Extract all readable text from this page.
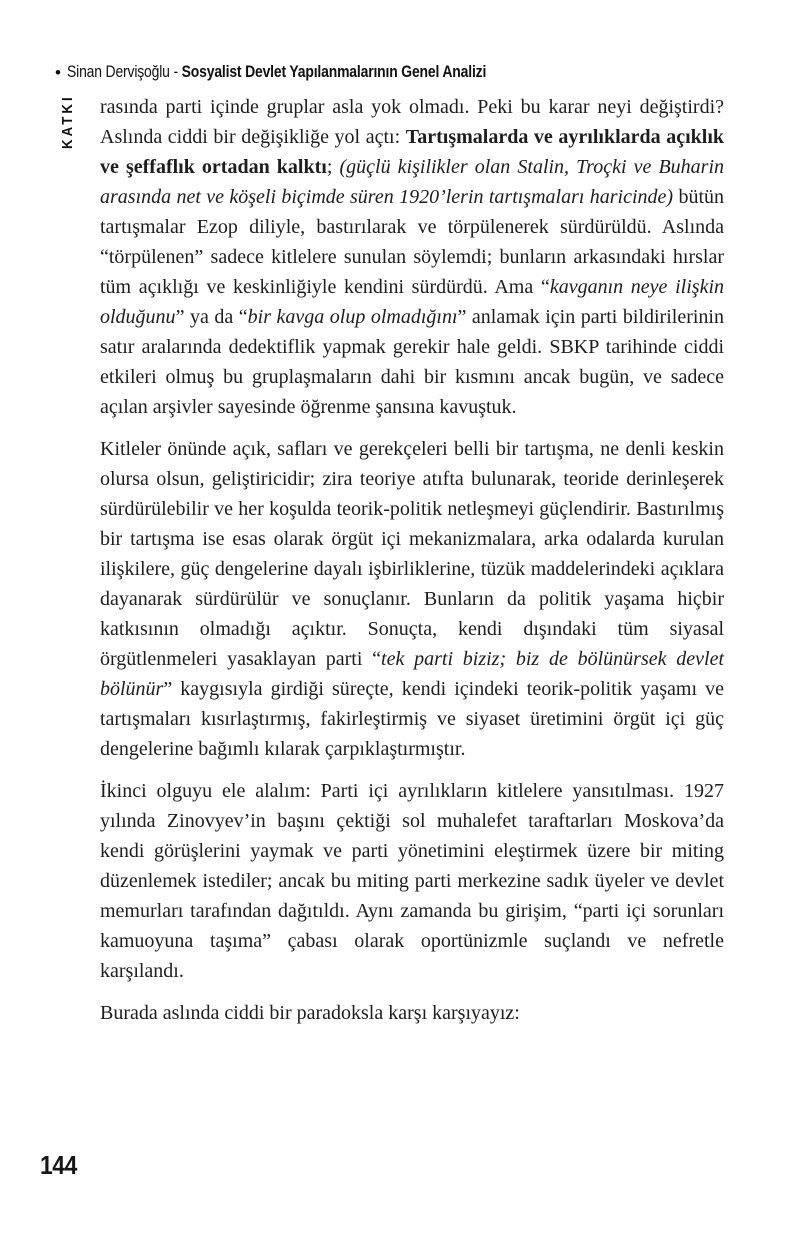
• Sinan Dervişoğlu - Sosyalist Devlet Yapılanmalarının Genel Analizi
KATKI rasında parti içinde gruplar asla yok olmadı. Peki bu karar neyi değiştirdi? Aslında ciddi bir değişikliğe yol açtı: Tartışmalarda ve ayrılıklarda açıklık ve şeffaflık ortadan kalktı; (güçlü kişilikler olan Stalin, Troçki ve Buharin arasında net ve köşeli biçimde süren 1920’lerin tartışmaları haricinde) bütün tartışmalar Ezop diliyle, bastırılarak ve törpülenerek sürdürüldü. Aslında “törpülenen” sadece kitlelere sunulan söylemdi; bunların arkasındaki hırslar tüm açıklığı ve keskinliğiyle kendini sürdürdü. Ama “kavganın neye ilişkin olduğunu” ya da “bir kavga olup olmadığını” anlamak için parti bildirilerinin satır aralarında dedektiflik yapmak gerekir hale geldi. SBKP tarihinde ciddi etkileri olmuş bu gruplaşmaların dahi bir kısmını ancak bugün, ve sadece açılan arşivler sayesinde öğrenme şansına kavuştuk.

Kitleler önünde açık, safları ve gerekçeleri belli bir tartışma, ne denli keskin olursa olsun, geliştiricidir; zira teoriye atıfta bulunarak, teoride derinleşerek sürdürülebilir ve her koşulda teorik-politik netleşmeyi güçlendirir. Bastırılmış bir tartışma ise esas olarak örgüt içi mekanizmalara, arka odalarda kurulan ilişkilere, güç dengelerine dayalı işbirliklerine, tüzük maddelerindeki açıklara dayanarak sürdürülür ve sonuçlanır. Bunların da politik yaşama hiçbir katkısının olmadığı açıktır. Sonuçta, kendi dışındaki tüm siyasal örgütlenmeleri yasaklayan parti “tek parti biziz; biz de bölünürsek devlet bölünür” kaygısıyla girdiği süreçte, kendi içindeki teorik-politik yaşamı ve tartışmaları kısırlaştırmış, fakirleştirmiş ve siyaset üretimini örgüt içi güç dengelerine bağımlı kılarak çarpıklaştırmıştır.

İkinci olguyu ele alalım: Parti içi ayrılıkların kitlelere yansıtılması. 1927 yılında Zinovyev’in başını çektiği sol muhalefet taraftarları Moskova’da kendi görüşlerini yaymak ve parti yönetimini eleştirmek üzere bir miting düzenlemek istediler; ancak bu miting parti merkezine sadık üyeler ve devlet memurları tarafından dağıtıldı. Aynı zamanda bu girişim, “parti içi sorunları kamuoyuna taşıma” çabası olarak oportünizmle suçlandı ve nefretle karşılandı.

Burada aslında ciddi bir paradoksla karşı karşıyayız:

144
